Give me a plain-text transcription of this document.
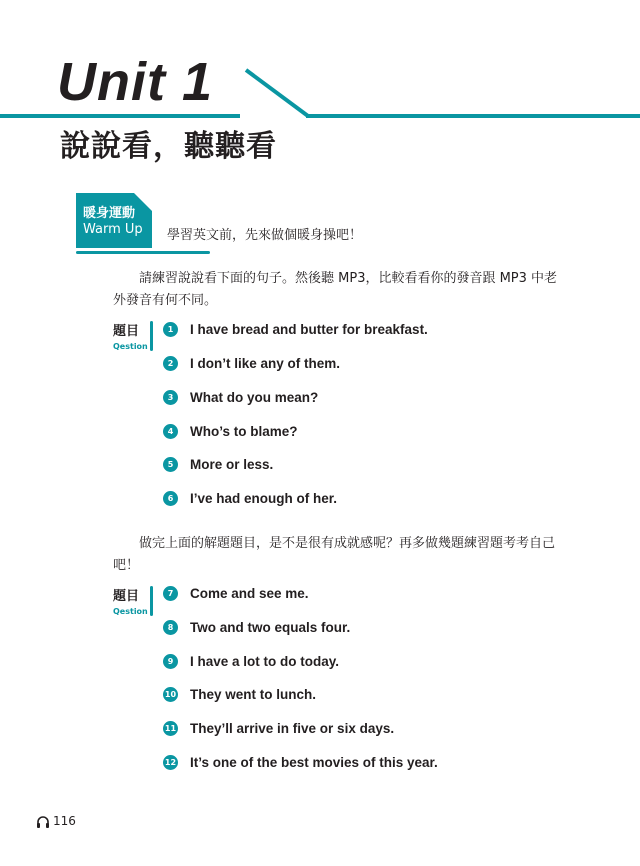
Unit 1
說說看，聽聽看
暖身運動
Warm Up 學習英文前，先來做個暖身操吧！
請練習說說看下面的句子。然後聽 MP3，比較看看你的發音跟 MP3 中老
外發音有何不同。
題目
Qestion
1	I have bread and butter for breakfast.
2	I don’t like any of them.
3	What do you mean?
4	Who’s to blame?
5	More or less.
6	I’ve had enough of her.
做完上面的解題題目，是不是很有成就感呢？再多做幾題練習題考考自己
吧！
題目
Qestion
7	Come and see me.
8	Two and two equals four.
9	I have a lot to do today.
10 They went to lunch.
11 They’ll arrive in five or six days.
12 It’s one of the best movies of this year.
116
